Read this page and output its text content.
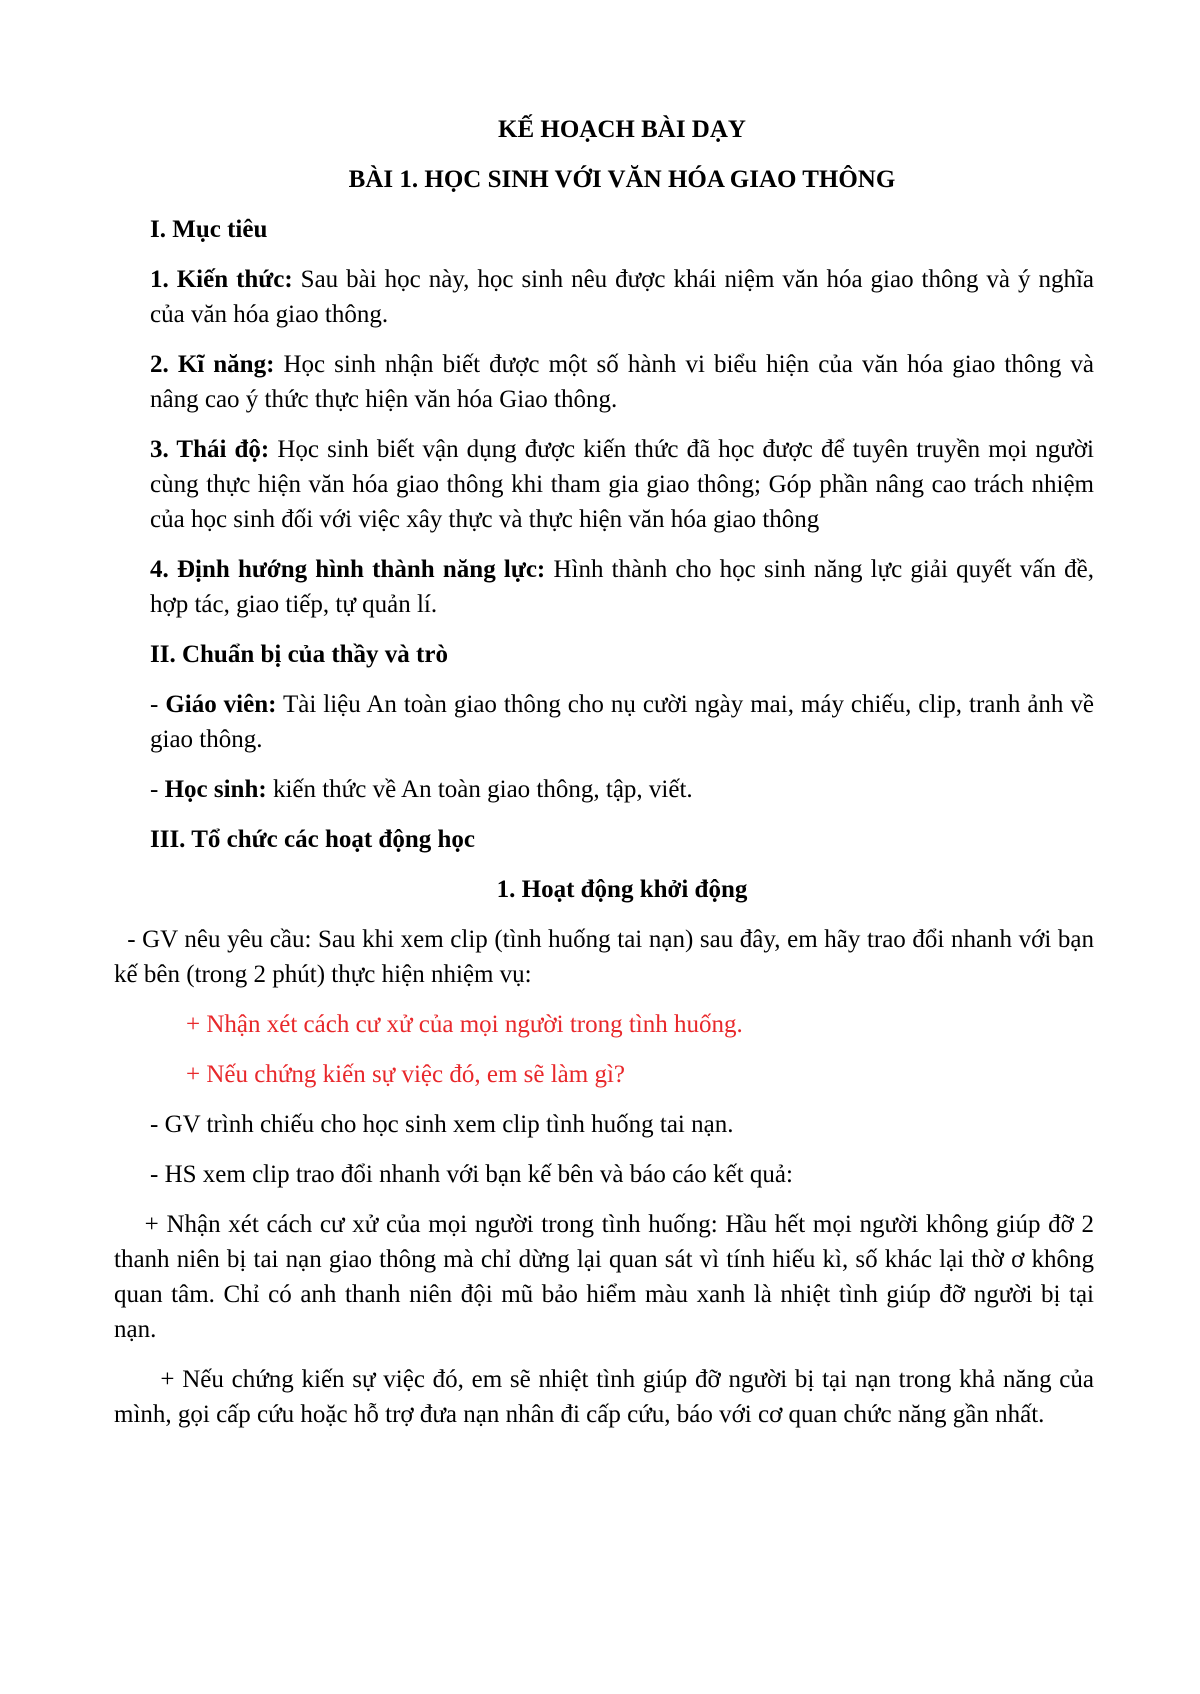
KẾ HOẠCH BÀI DẠY
BÀI 1. HỌC SINH VỚI VĂN HÓA GIAO THÔNG
I. Mục tiêu
1. Kiến thức: Sau bài học này, học sinh nêu được khái niệm văn hóa giao thông và ý nghĩa của văn hóa giao thông.
2. Kĩ năng: Học sinh nhận biết được một số hành vi biểu hiện của văn hóa giao thông và nâng cao ý thức thực hiện văn hóa Giao thông.
3. Thái độ: Học sinh biết vận dụng được kiến thức đã học được để tuyên truyền mọi người cùng thực hiện văn hóa giao thông khi tham gia giao thông; Góp phần nâng cao trách nhiệm của học sinh đối với việc xây thực và thực hiện văn hóa giao thông
4. Định hướng hình thành năng lực: Hình thành cho học sinh năng lực giải quyết vấn đề, hợp tác, giao tiếp, tự quản lí.
II. Chuẩn bị của thầy và trò
- Giáo viên: Tài liệu An toàn giao thông cho nụ cười ngày mai, máy chiếu, clip, tranh ảnh về giao thông.
- Học sinh: kiến thức về An toàn giao thông, tập, viết.
III. Tổ chức các hoạt động học
1. Hoạt động khởi động
- GV nêu yêu cầu: Sau khi xem clip (tình huống tai nạn) sau đây, em hãy trao đổi nhanh với bạn kế bên (trong 2 phút) thực hiện nhiệm vụ:
+ Nhận xét cách cư xử của mọi người trong tình huống.
+ Nếu chứng kiến sự việc đó, em sẽ làm gì?
- GV trình chiếu cho học sinh xem clip tình huống tai nạn.
- HS xem clip trao đổi nhanh với bạn kế bên và báo cáo kết quả:
+ Nhận xét cách cư xử của mọi người trong tình huống: Hầu hết mọi người không giúp đỡ 2 thanh niên bị tai nạn giao thông mà chỉ dừng lại quan sát vì tính hiếu kì, số khác lại thờ ơ không quan tâm. Chỉ có anh thanh niên đội mũ bảo hiểm màu xanh là nhiệt tình giúp đỡ người bị tại nạn.
+ Nếu chứng kiến sự việc đó, em sẽ nhiệt tình giúp đỡ người bị tại nạn trong khả năng của mình, gọi cấp cứu hoặc hỗ trợ đưa nạn nhân đi cấp cứu, báo với cơ quan chức năng gần nhất.
